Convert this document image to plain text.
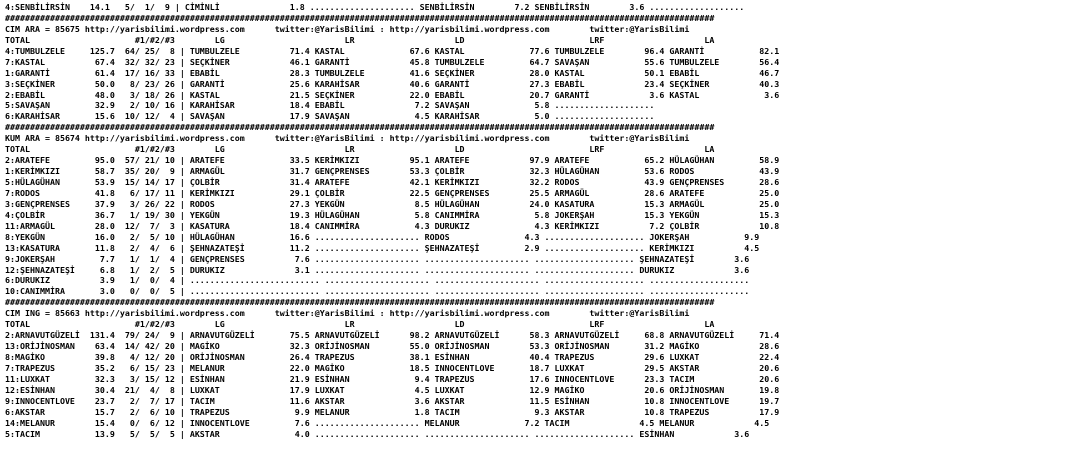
4:SENBİLİRSİN    14.1   5/  1/  9 | CİMİNLİ              1.8 ..................... SENBİLİRSİN        7.2 SENBİLİRSİN        3.6 ...................
##############################################################################################################################################
CIM ARA = 85675 http://yarisbilimi.wordpress.com      twitter:@YarisBilimi : http://yarisbilimi.wordpress.com        twitter:@YarisBilimi
TOTAL                     #1/#2/#3        LG                        LR                    LD                         LRF                    LA
4:TUMBULZELE     125.7  64/ 25/  8 | TUMBULZELE          71.4 KASTAL             67.6 KASTAL             77.6 TUMBULZELE        96.4 GARANTİ           82.1
7:KASTAL          67.4  32/ 32/ 23 | SEÇKİNER            46.1 GARANTİ            45.8 TUMBULZELE         64.7 SAVAŞAN           55.6 TUMBULZELE        56.4
1:GARANTİ         61.4  17/ 16/ 33 | EBABİL              28.3 TUMBULZELE         41.6 SEÇKİNER           28.0 KASTAL            50.1 EBABİL            46.7
3:SEÇKİNER        50.0   8/ 23/ 26 | GARANTİ             25.6 KARAHİSAR          40.6 GARANTİ            27.3 EBABİL            23.4 SEÇKİNER          40.3
2:EBABİL          48.0   3/ 18/ 26 | KASTAL              21.5 SEÇKİNER           22.0 EBABİL             20.7 GARANTİ            3.6 KASTAL             3.6
5:SAVAŞAN         32.9   2/ 10/ 16 | KARAHİSAR           18.4 EBABİL              7.2 SAVAŞAN             5.8 ....................
6:KARAHİSAR       15.6  10/ 12/  4 | SAVAŞAN             17.9 SAVAŞAN             4.5 KARAHİSAR           5.0 ....................
##############################################################################################################################################
KUM ARA = 85674 http://yarisbilimi.wordpress.com      twitter:@YarisBilimi : http://yarisbilimi.wordpress.com        twitter:@YarisBilimi
TOTAL                     #1/#2/#3        LG                        LR                    LD                         LRF                    LA
2:ARATEFE         95.0  57/ 21/ 10 | ARATEFE             33.5 KERİMKIZI          95.1 ARATEFE            97.9 ARATEFE           65.2 HÜLAGÜHAN         58.9
1:KERİMKIZI       58.7  35/ 20/  9 | ARMAGÜL             31.7 GENÇPRENSES        53.3 ÇOLBİR             32.3 HÜLAGÜHAN         53.6 RODOS             43.9
5:HÜLAGÜHAN       53.9  15/ 14/ 17 | ÇOLBİR              31.4 ARATEFE            42.1 KERİMKIZI          32.2 RODOS             43.9 GENÇPRENSES       28.6
7:RODOS           41.8   6/ 17/ 11 | KERİMKIZI           29.1 ÇOLBİR             22.5 GENÇPRENSES        25.5 ARMAGÜL           28.6 ARATEFE           25.0
3:GENÇPRENSES     37.9   3/ 26/ 22 | RODOS               27.3 YEKGÜN              8.5 HÜLAGÜHAN          24.0 KASATURA          15.3 ARMAGÜL           25.0
4:ÇOLBİR          36.7   1/ 19/ 30 | YEKGÜN              19.3 HÜLAGÜHAN           5.8 CANIMMİRA           5.8 JOKERŞAH          15.3 YEKGÜN            15.3
11:ARMAGÜL        28.0  12/  7/  3 | KASATURA            18.4 CANIMMİRA           4.3 DURUKIZ             4.3 KERİMKIZI          7.2 ÇOLBİR            10.8
8:YEKGÜN          16.0   2/  5/ 10 | HÜLAGÜHAN           16.6 ..................... RODOS               4.3 .................... JOKERŞAH           9.9
13:KASATURA       11.8   2/  4/  6 | ŞEHNAZATEŞİ         11.2 ..................... ŞEHNAZATEŞİ         2.9 .................... KERİMKIZI          4.5
9:JOKERŞAH         7.7   1/  1/  4 | GENÇPRENSES          7.6 ..................... ..................... .................... ŞEHNAZATEŞİ        3.6
12:ŞEHNAZATEŞİ     6.8   1/  2/  5 | DURUKIZ              3.1 ..................... ..................... .................... DURUKIZ            3.6
6:DURUKIZ          3.9   1/  0/  4 | .......................... ..................... ..................... .................... ....................
10:CANIMMİRA       3.0   0/  0/  5 | .......................... ..................... ..................... .................... ....................
##############################################################################################################################################
CIM ING = 85663 http://yarisbilimi.wordpress.com      twitter:@YarisBilimi : http://yarisbilimi.wordpress.com        twitter:@YarisBilimi
TOTAL                     #1/#2/#3        LG                        LR                    LD                         LRF                    LA
2:ARNAVUTGÜZELİ  131.4  79/ 24/  9 | ARNAVUTGÜZELİ       75.5 ARNAVUTGÜZELİ      98.2 ARNAVUTGÜZELİ      58.3 ARNAVUTGÜZELİ     68.8 ARNAVUTGÜZELİ     71.4
13:ORİJİNOSMAN    63.4  14/ 42/ 20 | MAGİKO              32.3 ORİJİNOSMAN        55.0 ORİJİNOSMAN        53.3 ORİJİNOSMAN       31.2 MAGİKO            28.6
8:MAGİKO          39.8   4/ 12/ 20 | ORİJİNOSMAN         26.4 TRAPEZUS           38.1 ESİNHAN            40.4 TRAPEZUS          29.6 LUXKAT            22.4
7:TRAPEZUS        35.2   6/ 15/ 23 | MELANUR             22.0 MAGİKO             18.5 INNOCENTLOVE       18.7 LUXKAT            29.5 AKSTAR            20.6
11:LUXKAT         32.3   3/ 15/ 12 | ESİNHAN             21.9 ESİNHAN             9.4 TRAPEZUS           17.6 INNOCENTLOVE      23.3 TACIM             20.6
12:ESİNHAN        30.4  21/  4/  8 | LUXKAT              17.9 LUXKAT              4.5 LUXKAT             12.9 MAGİKO            20.6 ORİJİNOSMAN       19.8
9:INNOCENTLOVE    23.7   2/  7/ 17 | TACIM               11.6 AKSTAR              3.6 AKSTAR             11.5 ESİNHAN           10.8 INNOCENTLOVE      19.7
6:AKSTAR          15.7   2/  6/ 10 | TRAPEZUS             9.9 MELANUR             1.8 TACIM               9.3 AKSTAR            10.8 TRAPEZUS          17.9
14:MELANUR        15.4   0/  6/ 12 | INNOCENTLOVE         7.6 ..................... MELANUR             7.2 TACIM              4.5 MELANUR            4.5
5:TACIM           13.9   5/  5/  5 | AKSTAR               4.0 ..................... ..................... .................... ESİNHAN            3.6
